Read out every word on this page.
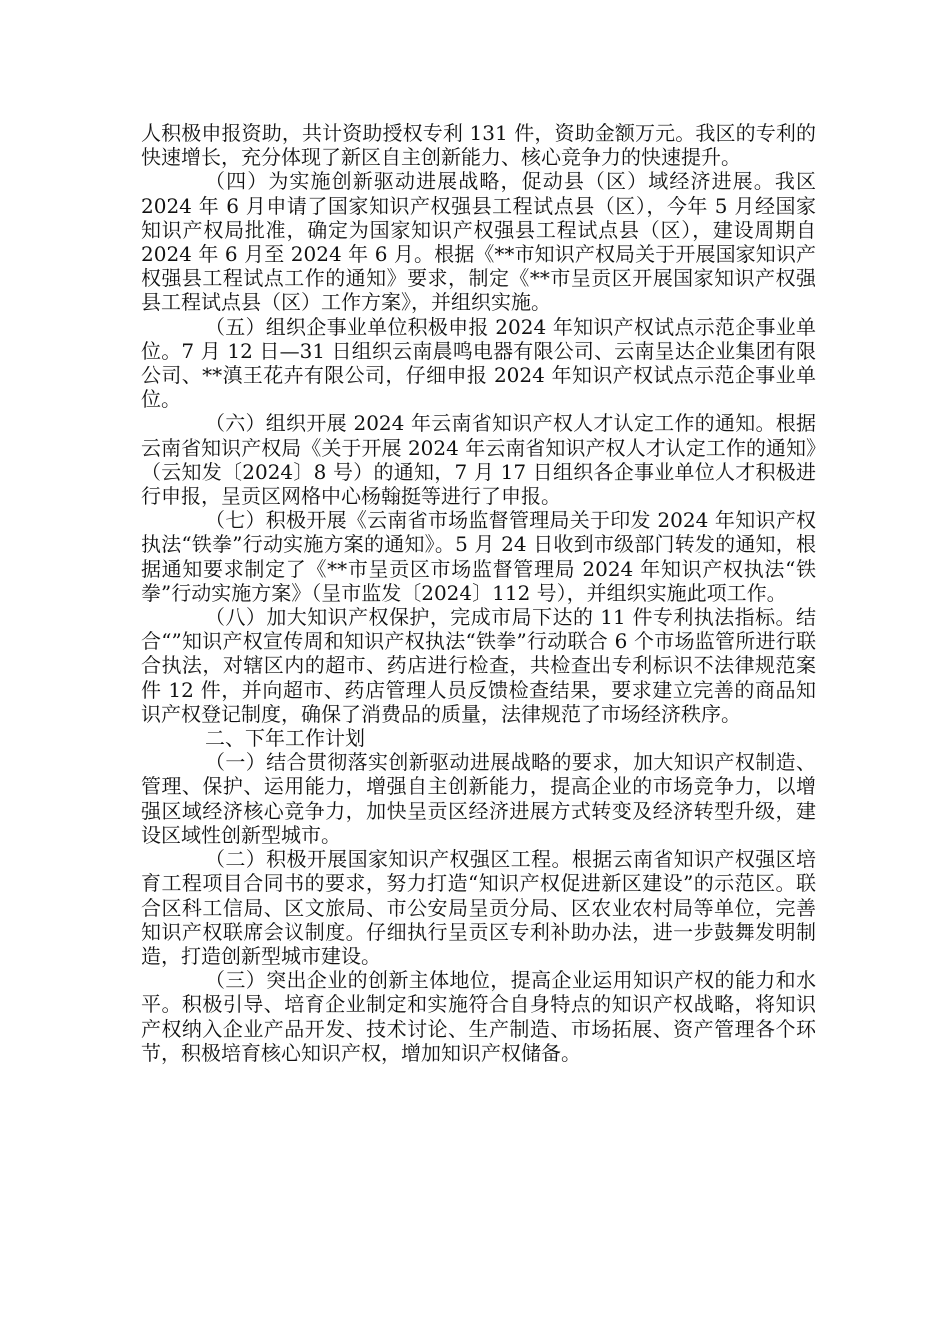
人积极申报资助，共计资助授权专利 131 件，资助金额万元。我区的专利的快速增长，充分体现了新区自主创新能力、核心竞争力的快速提升。

（四）为实施创新驱动进展战略，促动县（区）域经济进展。我区 2024 年 6 月申请了国家知识产权强县工程试点县（区），今年 5 月经国家知识产权局批准，确定为国家知识产权强县工程试点县（区），建设周期自 2024 年 6 月至 2024 年 6 月。根据《**市知识产权局关于开展国家知识产权强县工程试点工作的通知》要求，制定《**市呈贡区开展国家知识产权强县工程试点县（区）工作方案》，并组织实施。

（五）组织企事业单位积极申报 2024 年知识产权试点示范企事业单位。7 月 12 日—31 日组织云南晨鸣电器有限公司、云南呈达企业集团有限公司、**滇王花卉有限公司，仔细申报 2024 年知识产权试点示范企事业单位。

（六）组织开展 2024 年云南省知识产权人才认定工作的通知。根据云南省知识产权局《关于开展 2024 年云南省知识产权人才认定工作的通知》（云知发〔2024〕8 号）的通知，7 月 17 日组织各企事业单位人才积极进行申报，呈贡区网格中心杨翰挺等进行了申报。

（七）积极开展《云南省市场监督管理局关于印发 2024 年知识产权执法“铁拳”行动实施方案的通知》。5 月 24 日收到市级部门转发的通知，根据通知要求制定了《**市呈贡区市场监督管理局 2024 年知识产权执法“铁拳”行动实施方案》（呈市监发〔2024〕112 号），并组织实施此项工作。

（八）加大知识产权保护，完成市局下达的 11 件专利执法指标。结合“”知识产权宣传周和知识产权执法“铁拳”行动联合 6 个市场监管所进行联合执法，对辖区内的超市、药店进行检查，共检查出专利标识不法律规范案件 12 件，并向超市、药店管理人员反馈检查结果，要求建立完善的商品知识产权登记制度，确保了消费品的质量，法律规范了市场经济秩序。

二、下年工作计划

（一）结合贯彻落实创新驱动进展战略的要求，加大知识产权制造、管理、保护、运用能力，增强自主创新能力，提高企业的市场竞争力，以增强区域经济核心竞争力，加快呈贡区经济进展方式转变及经济转型升级，建设区域性创新型城市。

（二）积极开展国家知识产权强区工程。根据云南省知识产权强区培育工程项目合同书的要求，努力打造“知识产权促进新区建设”的示范区。联合区科工信局、区文旅局、市公安局呈贡分局、区农业农村局等单位，完善知识产权联席会议制度。仔细执行呈贡区专利补助办法，进一步鼓舞发明制造，打造创新型城市建设。

（三）突出企业的创新主体地位，提高企业运用知识产权的能力和水平。积极引导、培育企业制定和实施符合自身特点的知识产权战略，将知识产权纳入企业产品开发、技术讨论、生产制造、市场拓展、资产管理各个环节，积极培育核心知识产权，增加知识产权储备。
